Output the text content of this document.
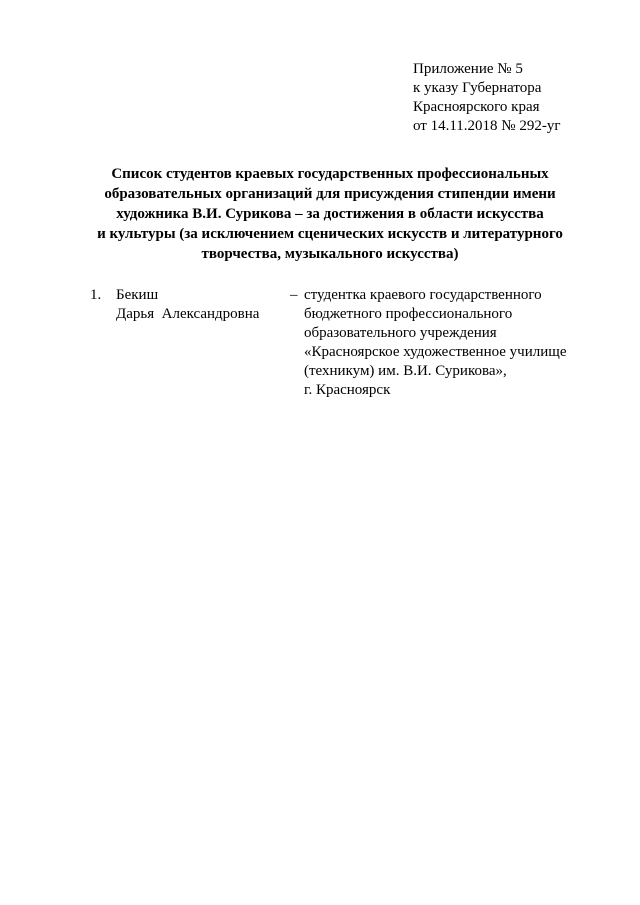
Приложение № 5
к указу Губернатора
Красноярского края
от 14.11.2018 № 292-уг
Список студентов краевых государственных профессиональных
образовательных организаций для присуждения стипендии имени
художника В.И. Сурикова – за достижения в области искусства
и культуры (за исключением сценических искусств и литературного
творчества, музыкального искусства)
1. Бекиш
Дарья  Александровна
– студентка краевого государственного
бюджетного профессионального
образовательного учреждения
«Красноярское художественное училище
(техникум) им. В.И. Сурикова»,
г. Красноярск
